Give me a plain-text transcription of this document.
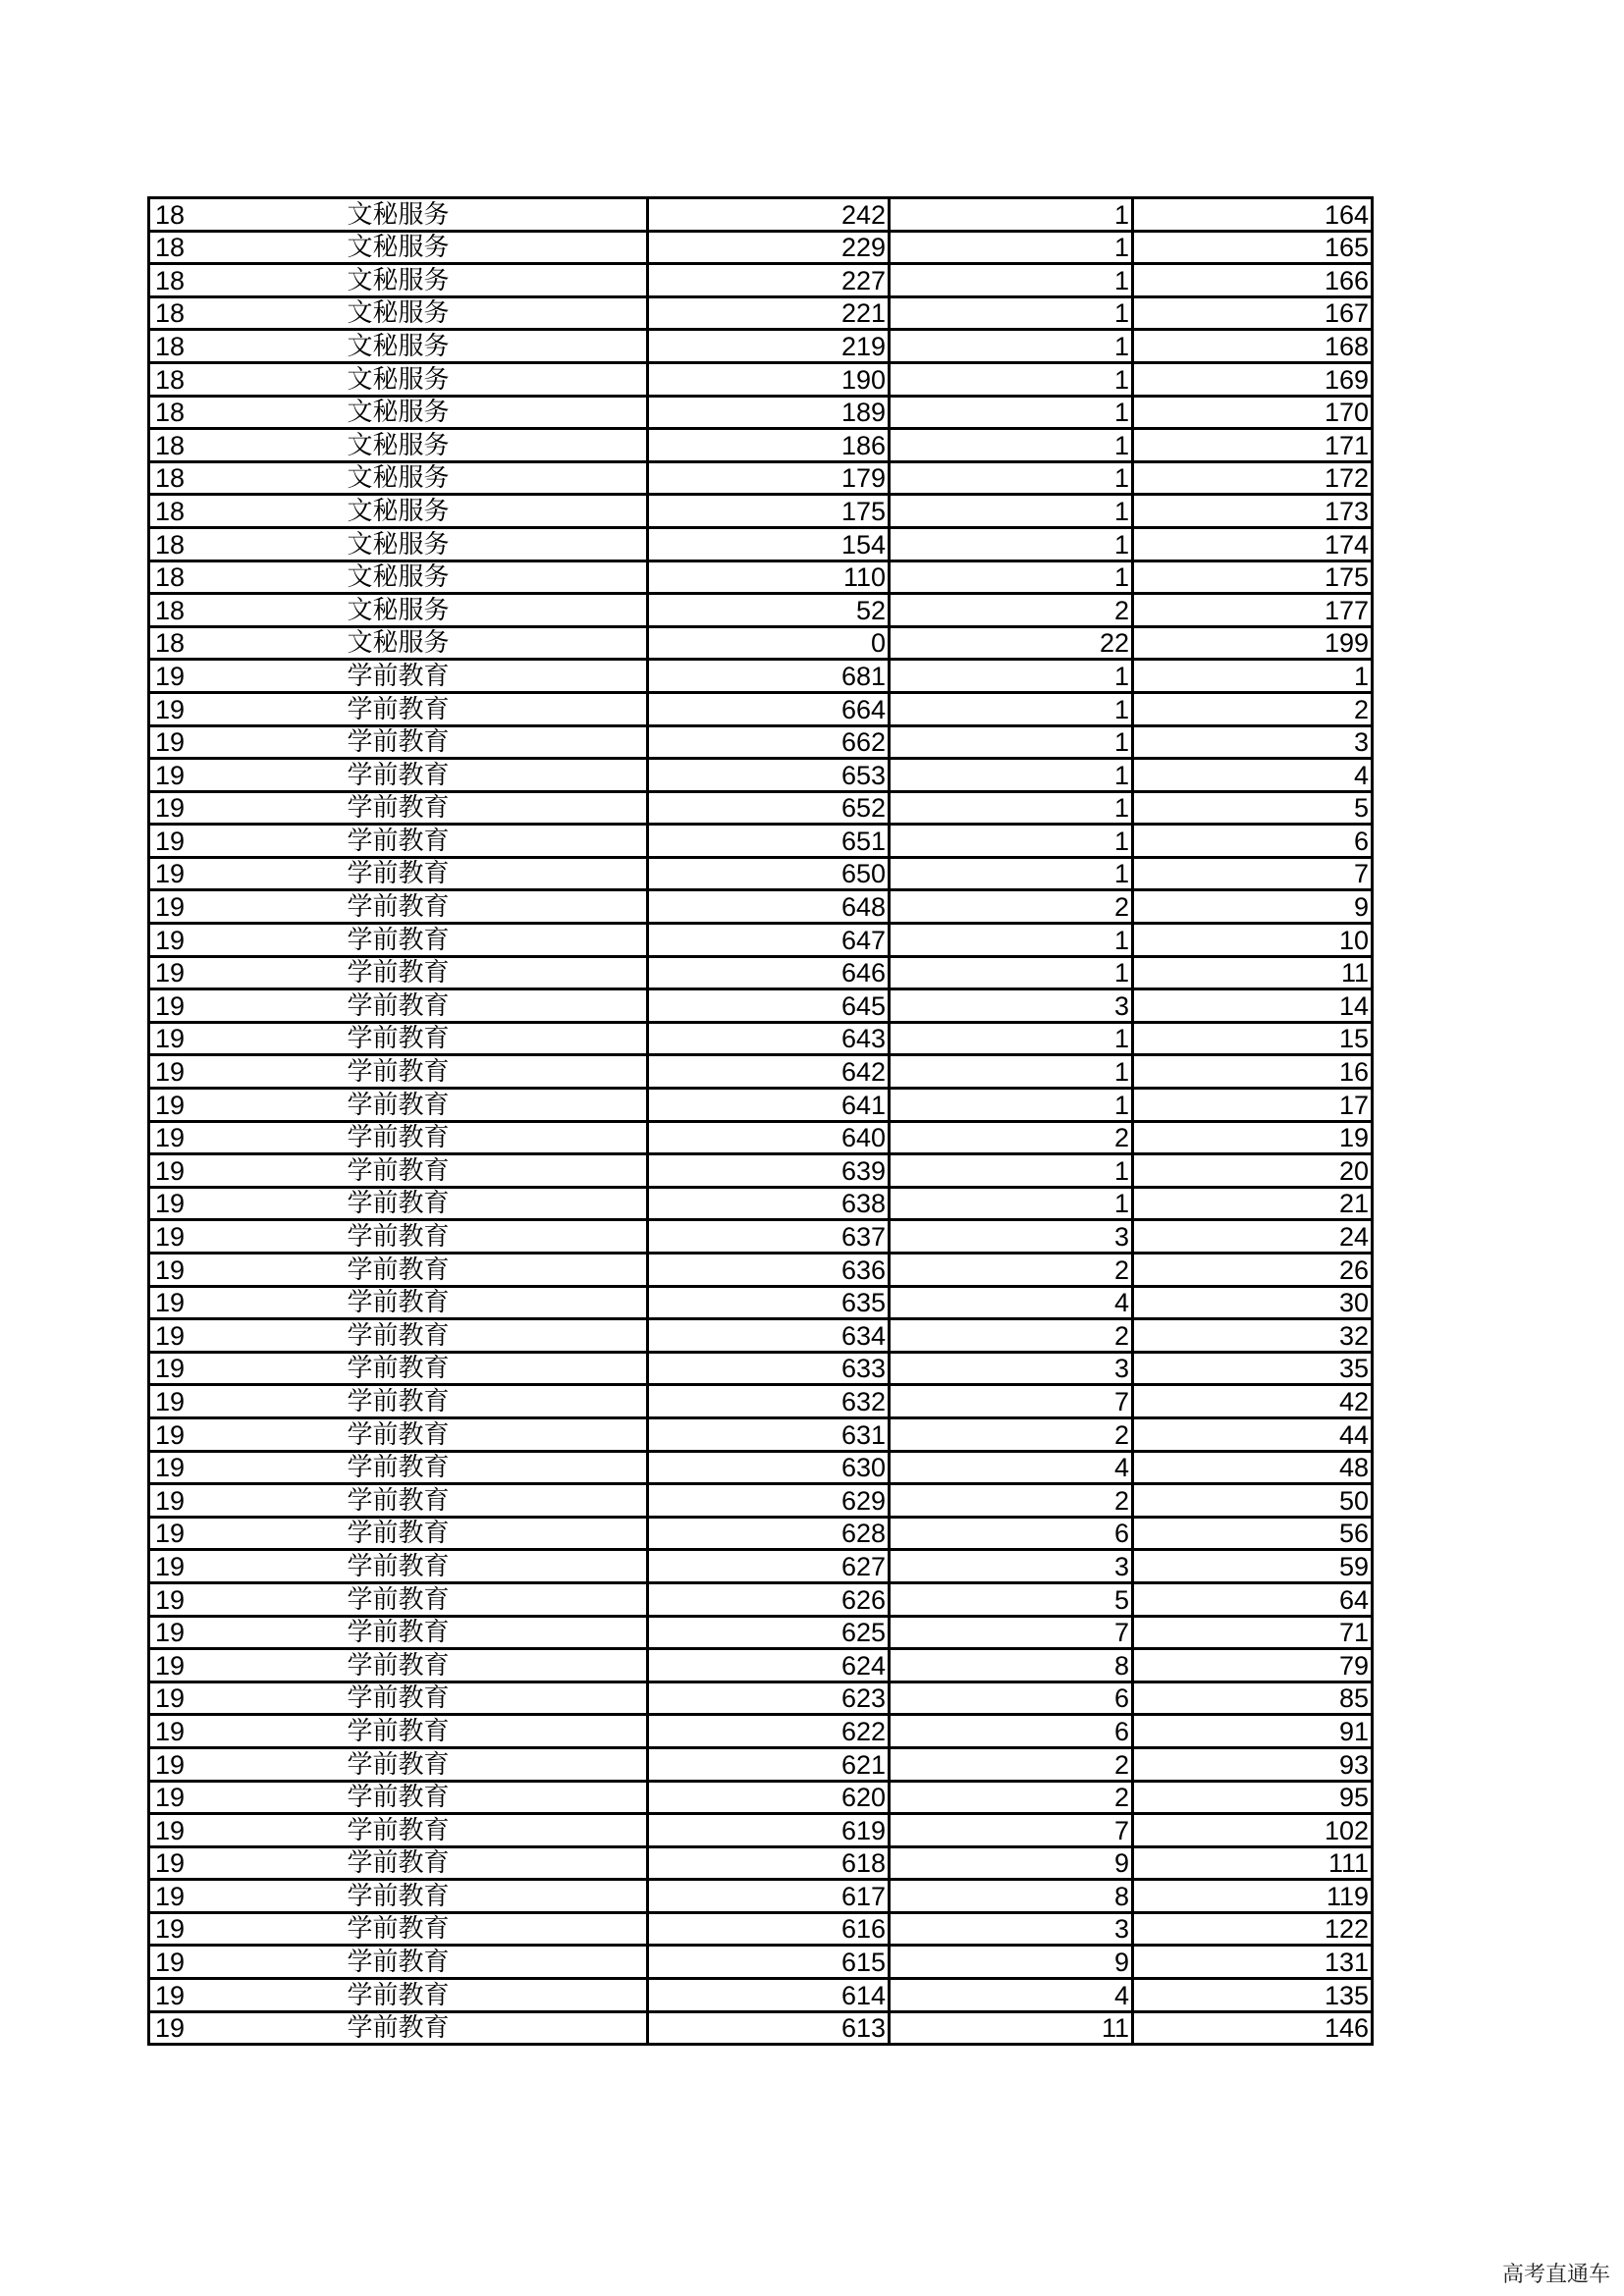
18	文秘服务	242	1	164
18	文秘服务	229	1	165
18	文秘服务	227	1	166
18	文秘服务	221	1	167
18	文秘服务	219	1	168
18	文秘服务	190	1	169
18	文秘服务	189	1	170
18	文秘服务	186	1	171
18	文秘服务	179	1	172
18	文秘服务	175	1	173
18	文秘服务	154	1	174
18	文秘服务	110	1	175
18	文秘服务	52	2	177
18	文秘服务	0	22	199
19	学前教育	681	1	1
19	学前教育	664	1	2
19	学前教育	662	1	3
19	学前教育	653	1	4
19	学前教育	652	1	5
19	学前教育	651	1	6
19	学前教育	650	1	7
19	学前教育	648	2	9
19	学前教育	647	1	10
19	学前教育	646	1	11
19	学前教育	645	3	14
19	学前教育	643	1	15
19	学前教育	642	1	16
19	学前教育	641	1	17
19	学前教育	640	2	19
19	学前教育	639	1	20
19	学前教育	638	1	21
19	学前教育	637	3	24
19	学前教育	636	2	26
19	学前教育	635	4	30
19	学前教育	634	2	32
19	学前教育	633	3	35
19	学前教育	632	7	42
19	学前教育	631	2	44
19	学前教育	630	4	48
19	学前教育	629	2	50
19	学前教育	628	6	56
19	学前教育	627	3	59
19	学前教育	626	5	64
19	学前教育	625	7	71
19	学前教育	624	8	79
19	学前教育	623	6	85
19	学前教育	622	6	91
19	学前教育	621	2	93
19	学前教育	620	2	95
19	学前教育	619	7	102
19	学前教育	618	9	111
19	学前教育	617	8	119
19	学前教育	616	3	122
19	学前教育	615	9	131
19	学前教育	614	4	135
19	学前教育	613	11	146
高考直通车
